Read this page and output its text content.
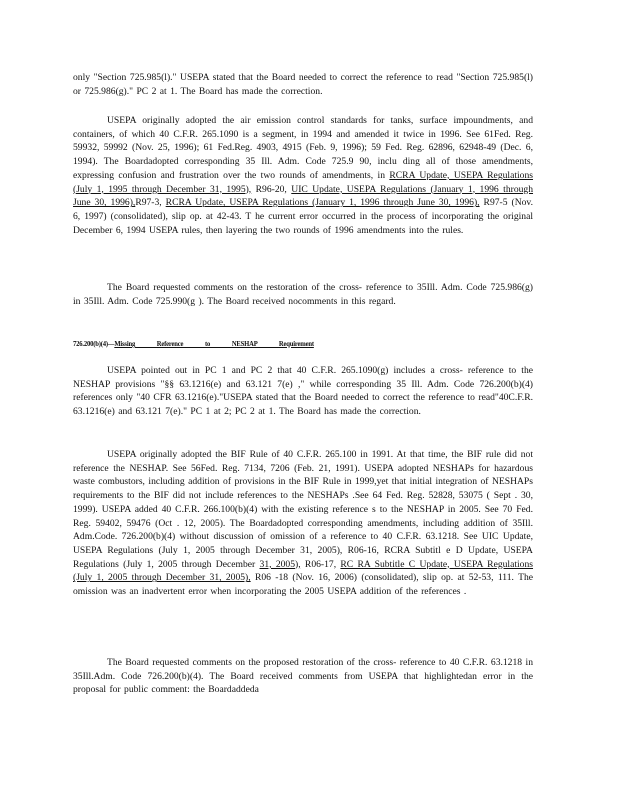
only "Section 725.985(l)." USEPA stated that the Board needed to correct the reference to read "Section 725.985(l) or 725.986(g)." PC 2 at 1. The Board has made the correction.

USEPA originally adopted the air emission control standards for tanks, surface impoundments, and containers, of which 40 C.F.R. 265.1090 is a segment, in 1994 and amended it twice in 1996. See 61Fed. Reg. 59932, 59992 (Nov. 25, 1996); 61 Fed.Reg. 4903, 4915 (Feb. 9, 1996); 59 Fed. Reg. 62896, 62948-49 (Dec. 6, 1994). The Boardadopted corresponding 35 Ill. Adm. Code 725.9 90, inclu ding all of those amendments, expressing confusion and frustration over the two rounds of amendments, in RCRA Update, USEPA Regulations (July 1, 1995 through December 31, 1995), R96-20, UIC Update, USEPA Regulations (January 1, 1996 through June 30, 1996),R97-3, RCRA Update, USEPA Regulations (January 1, 1996 through June 30, 1996), R97-5 (Nov. 6, 1997) (consolidated), slip op. at 42-43. T he current error occurred in the process of incorporating the original December 6, 1994 USEPA rules, then layering the two rounds of 1996 amendments into the rules.

The Board requested comments on the restoration of the cross- reference to 35Ill. Adm. Code 725.986(g) in 35Ill. Adm. Code 725.990(g ). The Board received nocomments in this regard.

726.200(b)(4)—Missing Reference to NESHAP Requirement

USEPA pointed out in PC 1 and PC 2 that 40 C.F.R. 265.1090(g) includes a cross- reference to the NESHAP provisions "§§ 63.1216(e) and 63.121 7(e) ," while corresponding 35 Ill. Adm. Code 726.200(b)(4) references only "40 CFR 63.1216(e)."USEPA stated that the Board needed to correct the reference to read"40C.F.R. 63.1216(e) and 63.121 7(e)." PC 1 at 2; PC 2 at 1. The Board has made the correction.

USEPA originally adopted the BIF Rule of 40 C.F.R. 265.100 in 1991. At that time, the BIF rule did not reference the NESHAP. See 56Fed. Reg. 7134, 7206 (Feb. 21, 1991). USEPA adopted NESHAPs for hazardous waste combustors, including addition of provisions in the BIF Rule in 1999,yet that initial integration of NESHAPs requirements to the BIF did not include references to the NESHAPs .See 64 Fed. Reg. 52828, 53075 ( Sept . 30, 1999). USEPA added 40 C.F.R. 266.100(b)(4) with the existing reference s to the NESHAP in 2005. See 70 Fed. Reg. 59402, 59476 (Oct . 12, 2005). The Boardadopted corresponding amendments, including addition of 35Ill. Adm.Code. 726.200(b)(4) without discussion of omission of a reference to 40 C.F.R. 63.1218. See UIC Update, USEPA Regulations (July 1, 2005 through December 31, 2005), R06-16, RCRA Subtitl e D Update, USEPA Regulations (July 1, 2005 through December 31, 2005), R06-17, RC RA Subtitle C Update, USEPA Regulations (July 1, 2005 through December 31, 2005), R06 -18 (Nov. 16, 2006) (consolidated), slip op. at 52-53, 111. The omission was an inadvertent error when incorporating the 2005 USEPA addition of the references .

The Board requested comments on the proposed restoration of the cross- reference to 40 C.F.R. 63.1218 in 35Ill.Adm. Code 726.200(b)(4). The Board received comments from USEPA that highlightedan error in the proposal for public comment: the Boardaddeda
